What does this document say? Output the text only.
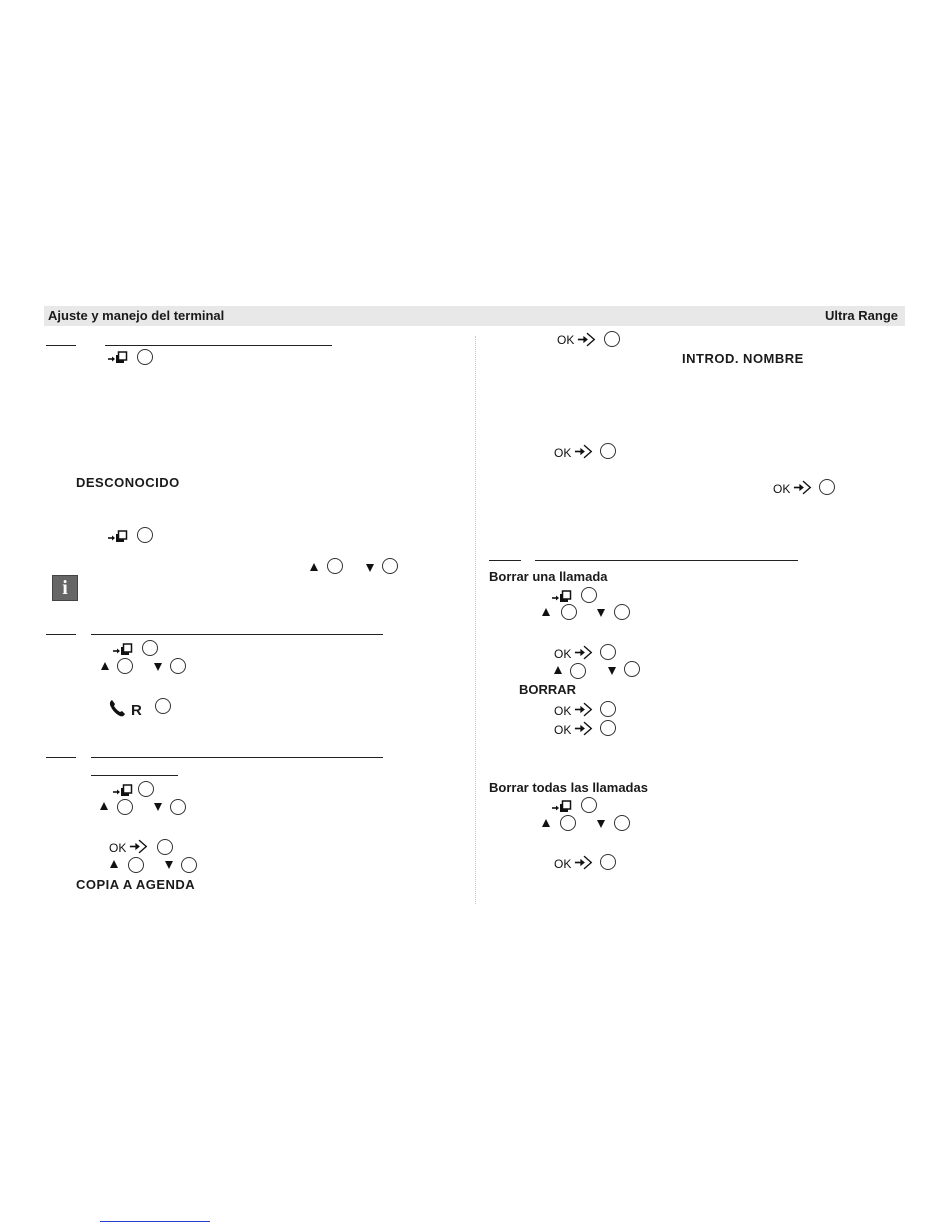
Ajuste y manejo del terminal	Ultra Range
DESCONOCIDO
i
R
OK
COPIA A AGENDA
OK
INTROD. NOMBRE
OK
OK
Borrar una llamada
OK
BORRAR
OK
OK
Borrar todas las llamadas
OK
